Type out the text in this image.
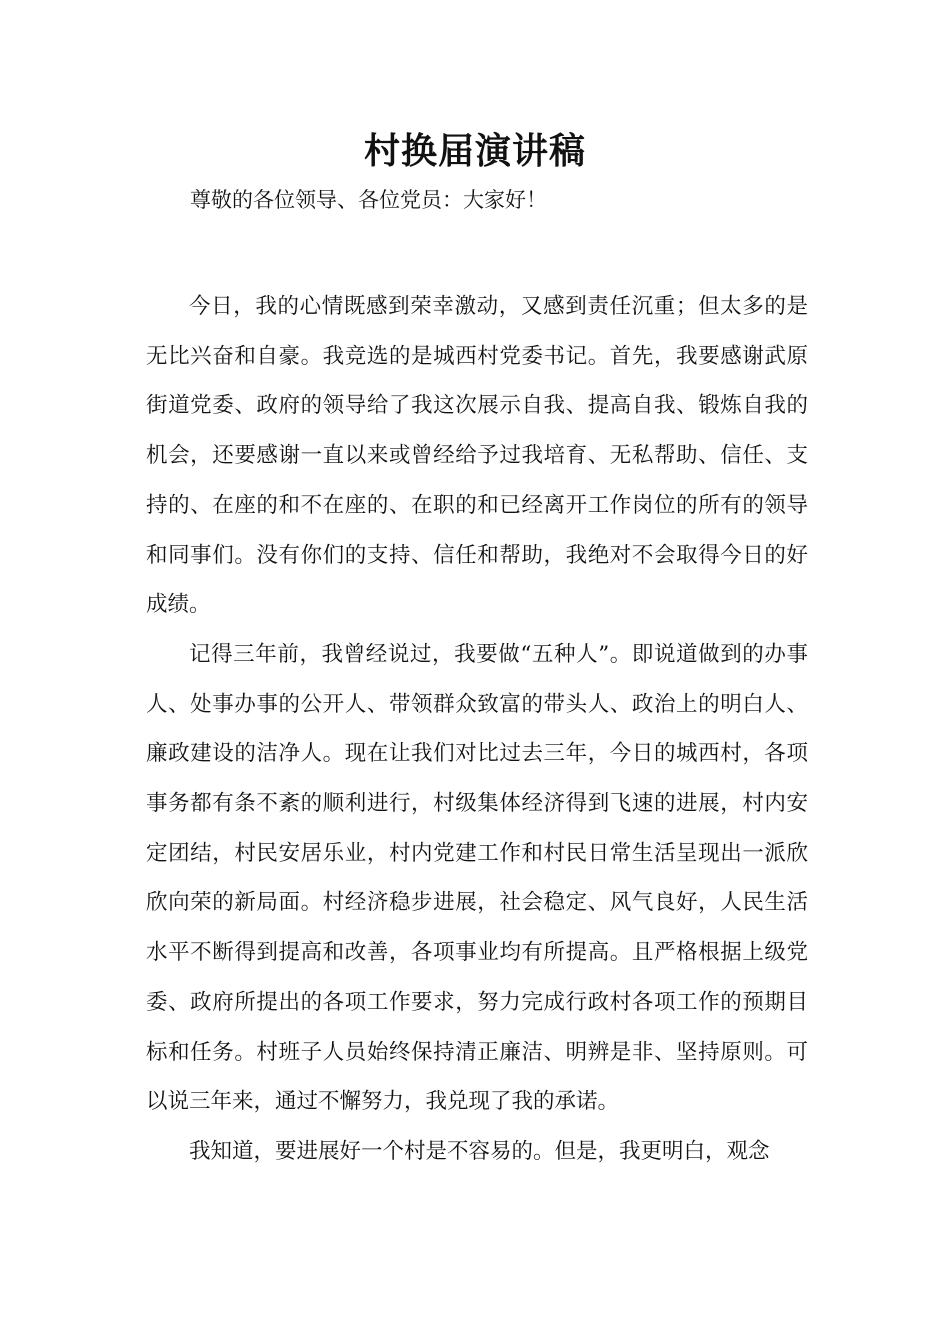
村换届演讲稿

尊敬的各位领导、各位党员：大家好！

今日，我的心情既感到荣幸激动，又感到责任沉重；但太多的是无比兴奋和自豪。我竞选的是城西村党委书记。首先，我要感谢武原街道党委、政府的领导给了我这次展示自我、提高自我、锻炼自我的机会，还要感谢一直以来或曾经给予过我培育、无私帮助、信任、支持的、在座的和不在座的、在职的和已经离开工作岗位的所有的领导和同事们。没有你们的支持、信任和帮助，我绝对不会取得今日的好成绩。

记得三年前，我曾经说过，我要做“五种人”。即说道做到的办事人、处事办事的公开人、带领群众致富的带头人、政治上的明白人、廉政建设的洁净人。现在让我们对比过去三年，今日的城西村，各项事务都有条不紊的顺利进行，村级集体经济得到飞速的进展，村内安定团结，村民安居乐业，村内党建工作和村民日常生活呈现出一派欣欣向荣的新局面。村经济稳步进展，社会稳定、风气良好，人民生活水平不断得到提高和改善，各项事业均有所提高。且严格根据上级党委、政府所提出的各项工作要求，努力完成行政村各项工作的预期目标和任务。村班子人员始终保持清正廉洁、明辨是非、坚持原则。可以说三年来，通过不懈努力，我兑现了我的承诺。

我知道，要进展好一个村是不容易的。但是，我更明白，观念
